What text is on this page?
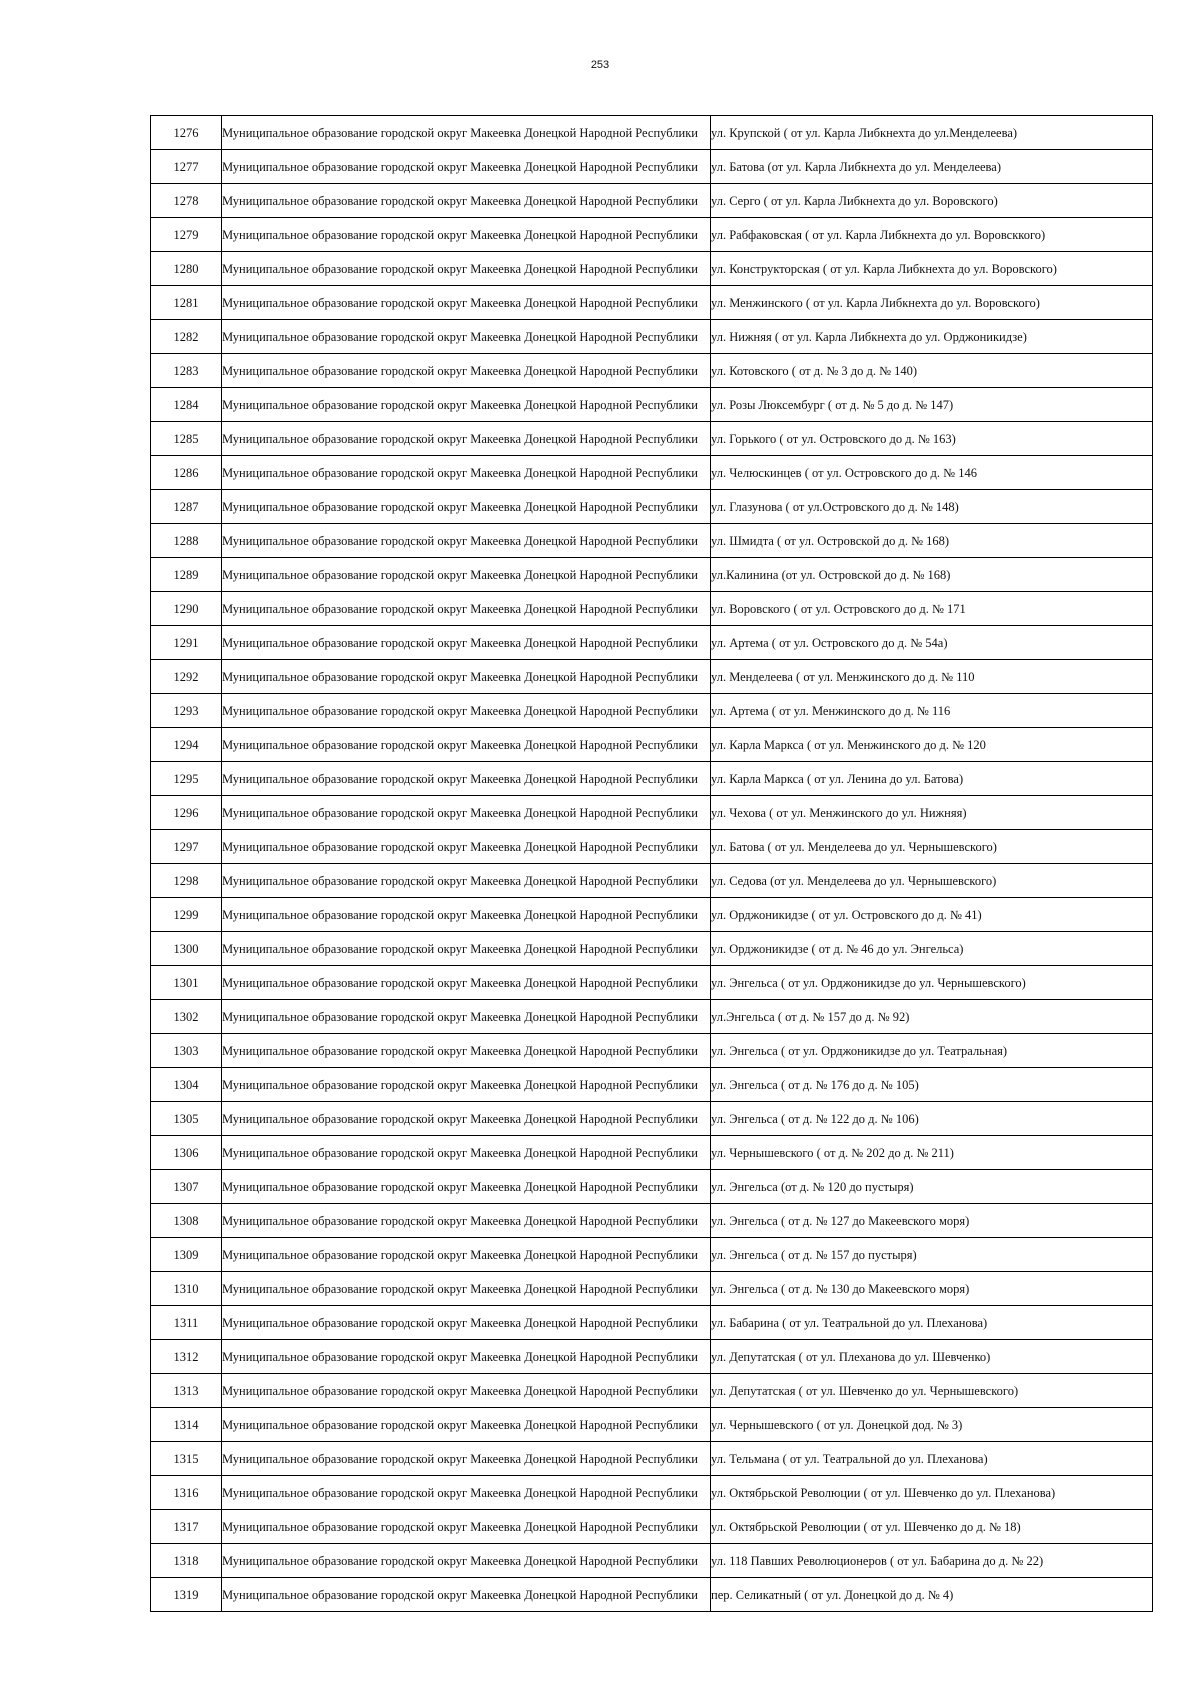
253
1276	Муниципальное образование городской округ Макеевка Донецкой Народной Республики	ул. Крупской ( от ул. Карла Либкнехта до ул.Менделеева)
1277	Муниципальное образование городской округ Макеевка Донецкой Народной Республики	ул. Батова (от ул. Карла Либкнехта до ул. Менделеева)
1278	Муниципальное образование городской округ Макеевка Донецкой Народной Республики	ул. Серго ( от ул. Карла Либкнехта до ул. Воровского)
1279	Муниципальное образование городской округ Макеевка Донецкой Народной Республики	ул. Рабфаковская ( от ул. Карла Либкнехта до ул. Воровсккого)
1280	Муниципальное образование городской округ Макеевка Донецкой Народной Республики	ул. Конструкторская ( от ул. Карла Либкнехта до ул. Воровского)
1281	Муниципальное образование городской округ Макеевка Донецкой Народной Республики	ул. Менжинского ( от ул. Карла Либкнехта до ул. Воровского)
1282	Муниципальное образование городской округ Макеевка Донецкой Народной Республики	ул. Нижняя ( от ул. Карла Либкнехта до ул. Орджоникидзе)
1283	Муниципальное образование городской округ Макеевка Донецкой Народной Республики	ул. Котовского ( от д. № 3 до д. № 140)
1284	Муниципальное образование городской округ Макеевка Донецкой Народной Республики	ул. Розы Люксембург ( от д. № 5 до д. № 147)
1285	Муниципальное образование городской округ Макеевка Донецкой Народной Республики	ул. Горького ( от ул. Островского до д. № 163)
1286	Муниципальное образование городской округ Макеевка Донецкой Народной Республики	ул. Челюскинцев ( от ул. Островского до д. № 146
1287	Муниципальное образование городской округ Макеевка Донецкой Народной Республики	ул. Глазунова ( от ул.Островского до д. № 148)
1288	Муниципальное образование городской округ Макеевка Донецкой Народной Республики	ул. Шмидта ( от ул. Островской до д. № 168)
1289	Муниципальное образование городской округ Макеевка Донецкой Народной Республики	ул.Калинина (от ул. Островской до д. № 168)
1290	Муниципальное образование городской округ Макеевка Донецкой Народной Республики	ул. Воровского ( от ул. Островского до д. № 171
1291	Муниципальное образование городской округ Макеевка Донецкой Народной Республики	ул. Артема ( от ул. Островского до д. № 54а)
1292	Муниципальное образование городской округ Макеевка Донецкой Народной Республики	ул. Менделеева ( от ул. Менжинского до д. № 110
1293	Муниципальное образование городской округ Макеевка Донецкой Народной Республики	ул. Артема ( от ул. Менжинского до д. № 116
1294	Муниципальное образование городской округ Макеевка Донецкой Народной Республики	ул. Карла Маркса ( от ул. Менжинского до д. № 120
1295	Муниципальное образование городской округ Макеевка Донецкой Народной Республики	ул. Карла Маркса ( от ул. Ленина до ул. Батова)
1296	Муниципальное образование городской округ Макеевка Донецкой Народной Республики	ул. Чехова ( от ул. Менжинского до ул. Нижняя)
1297	Муниципальное образование городской округ Макеевка Донецкой Народной Республики	ул. Батова ( от ул. Менделеева до ул. Чернышевского)
1298	Муниципальное образование городской округ Макеевка Донецкой Народной Республики	ул. Седова (от ул. Менделеева до ул. Чернышевского)
1299	Муниципальное образование городской округ Макеевка Донецкой Народной Республики	ул. Орджоникидзе ( от ул. Островского до д. № 41)
1300	Муниципальное образование городской округ Макеевка Донецкой Народной Республики	ул. Орджоникидзе ( от д. № 46 до ул. Энгельса)
1301	Муниципальное образование городской округ Макеевка Донецкой Народной Республики	ул. Энгельса ( от ул. Орджоникидзе до ул. Чернышевского)
1302	Муниципальное образование городской округ Макеевка Донецкой Народной Республики	ул.Энгельса ( от д. № 157 до д. № 92)
1303	Муниципальное образование городской округ Макеевка Донецкой Народной Республики	ул. Энгельса ( от ул. Орджоникидзе до ул. Театральная)
1304	Муниципальное образование городской округ Макеевка Донецкой Народной Республики	ул. Энгельса ( от д. № 176 до д. № 105)
1305	Муниципальное образование городской округ Макеевка Донецкой Народной Республики	ул. Энгельса ( от д. № 122 до д. № 106)
1306	Муниципальное образование городской округ Макеевка Донецкой Народной Республики	ул. Чернышевского ( от д. № 202 до д. № 211)
1307	Муниципальное образование городской округ Макеевка Донецкой Народной Республики	ул. Энгельса (от д. № 120 до пустыря)
1308	Муниципальное образование городской округ Макеевка Донецкой Народной Республики	ул. Энгельса ( от д. № 127 до Макеевского моря)
1309	Муниципальное образование городской округ Макеевка Донецкой Народной Республики	ул. Энгельса ( от д. № 157 до пустыря)
1310	Муниципальное образование городской округ Макеевка Донецкой Народной Республики	ул. Энгельса ( от д. № 130 до Макеевского моря)
1311	Муниципальное образование городской округ Макеевка Донецкой Народной Республики	ул. Бабарина ( от ул. Театральной до ул. Плеханова)
1312	Муниципальное образование городской округ Макеевка Донецкой Народной Республики	ул. Депутатская ( от ул. Плеханова до ул. Шевченко)
1313	Муниципальное образование городской округ Макеевка Донецкой Народной Республики	ул. Депутатская ( от ул. Шевченко до ул. Чернышевского)
1314	Муниципальное образование городской округ Макеевка Донецкой Народной Республики	ул. Чернышевского ( от ул. Донецкой дод. № 3)
1315	Муниципальное образование городской округ Макеевка Донецкой Народной Республики	ул. Тельмана ( от ул. Театральной до ул. Плеханова)
1316	Муниципальное образование городской округ Макеевка Донецкой Народной Республики	ул. Октябрьской Революции ( от ул. Шевченко до ул. Плеханова)
1317	Муниципальное образование городской округ Макеевка Донецкой Народной Республики	ул. Октябрьской Революции ( от ул. Шевченко до д. № 18)
1318	Муниципальное образование городской округ Макеевка Донецкой Народной Республики	ул. 118 Павших Революционеров ( от ул. Бабарина до д. № 22)
1319	Муниципальное образование городской округ Макеевка Донецкой Народной Республики	пер. Селикатный ( от ул. Донецкой до д. № 4)
